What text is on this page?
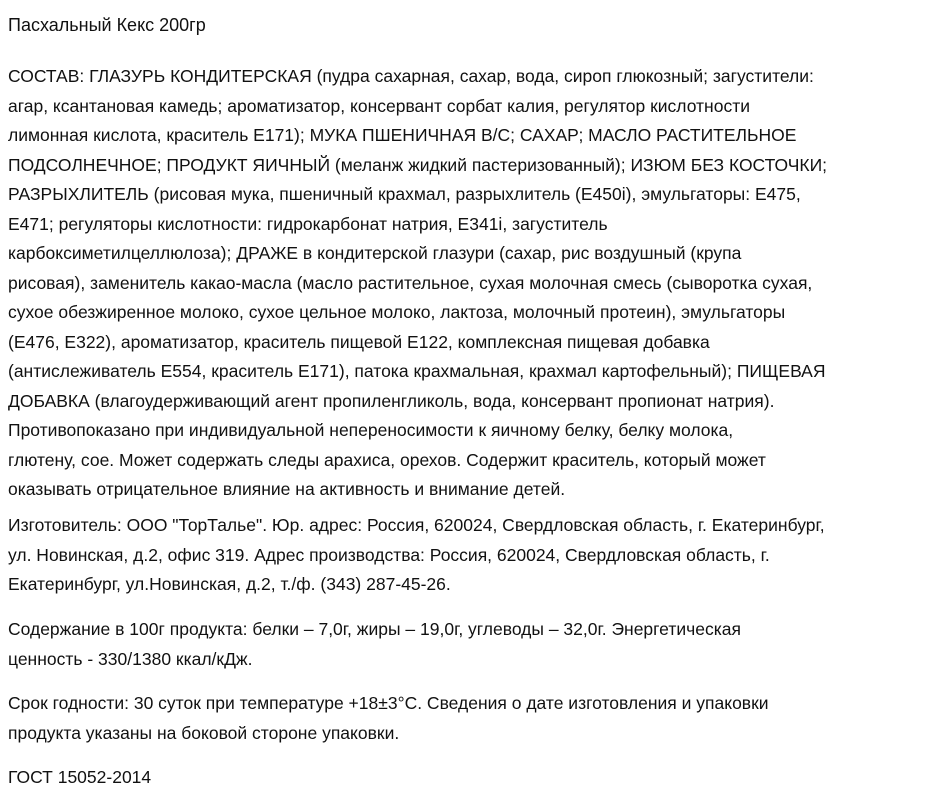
Пасхальный Кекс 200гр
СОСТАВ: ГЛАЗУРЬ КОНДИТЕРСКАЯ (пудра сахарная, сахар, вода, сироп глюкозный; загустители:
агар, ксантановая камедь; ароматизатор, консервант сорбат калия, регулятор кислотности
лимонная кислота, краситель Е171); МУКА ПШЕНИЧНАЯ В/С; САХАР; МАСЛО РАСТИТЕЛЬНОЕ
ПОДСОЛНЕЧНОЕ; ПРОДУКТ ЯИЧНЫЙ (меланж жидкий пастеризованный); ИЗЮМ БЕЗ КОСТОЧКИ;
РАЗРЫХЛИТЕЛЬ (рисовая мука, пшеничный крахмал, разрыхлитель (Е450i), эмульгаторы: Е475,
Е471; регуляторы кислотности: гидрокарбонат натрия, Е341i, загуститель
карбоксиметилцеллюлоза); ДРАЖЕ в кондитерской глазури (сахар, рис воздушный (крупа
рисовая), заменитель какао-масла (масло растительное, сухая молочная смесь (сыворотка сухая,
сухое обезжиренное молоко, сухое цельное молоко, лактоза, молочный протеин), эмульгаторы
(Е476, Е322), ароматизатор, краситель пищевой Е122, комплексная пищевая добавка
(антислеживатель Е554, краситель Е171), патока крахмальная, крахмал картофельный); ПИЩЕВАЯ
ДОБАВКА (влагоудерживающий агент пропиленгликоль, вода, консервант пропионат натрия).
Противопоказано при индивидуальной непереносимости к яичному белку, белку молока,
глютену, сое. Может содержать следы арахиса, орехов. Содержит краситель, который может
оказывать отрицательное влияние на активность и внимание детей.
Изготовитель: ООО "ТорТалье". Юр. адрес: Россия, 620024, Свердловская область, г. Екатеринбург,
ул. Новинская, д.2, офис 319. Адрес производства: Россия, 620024, Свердловская область, г.
Екатеринбург, ул.Новинская, д.2, т./ф. (343) 287-45-26.
Содержание в 100г продукта: белки – 7,0г, жиры – 19,0г, углеводы – 32,0г. Энергетическая
ценность - 330/1380 ккал/кДж.
Срок годности: 30 суток при температуре +18±3°С. Сведения о дате изготовления и упаковки
продукта указаны на боковой стороне упаковки.
ГОСТ 15052-2014
